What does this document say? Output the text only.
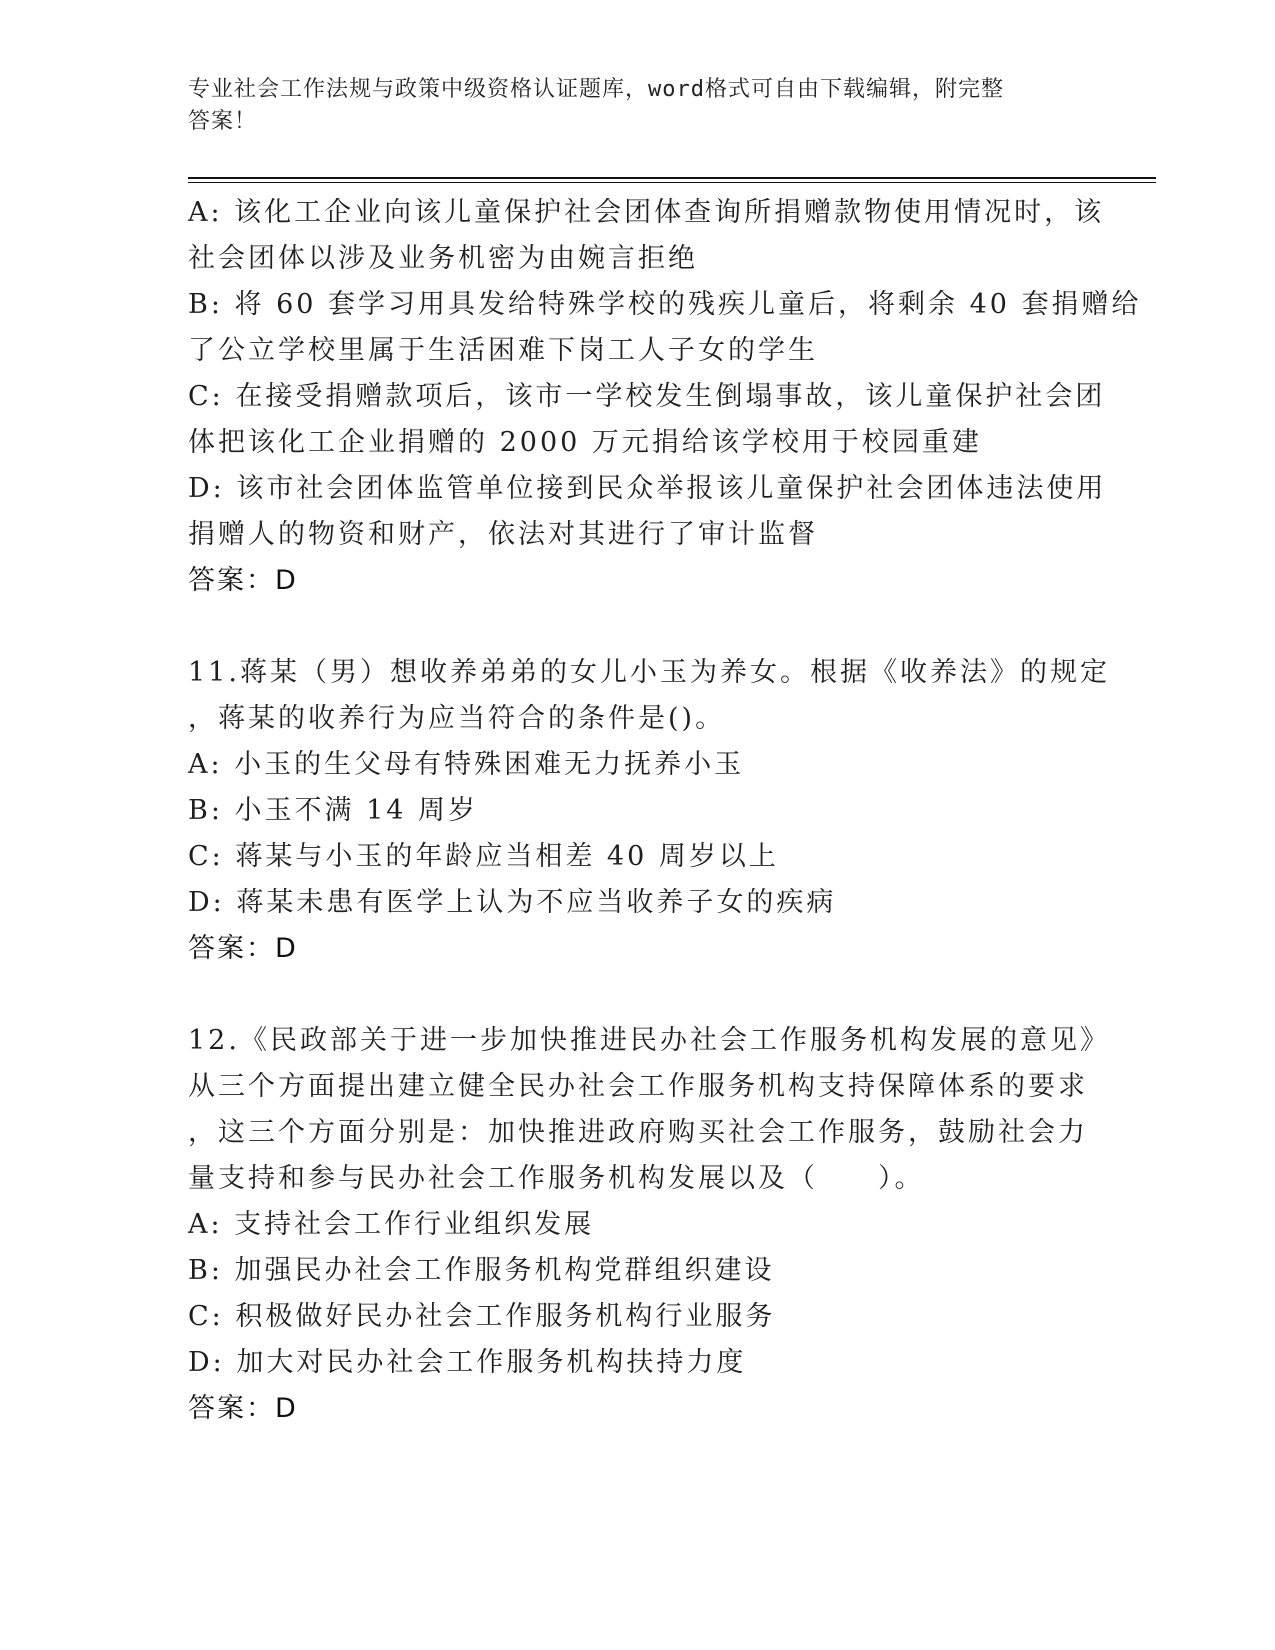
专业社会工作法规与政策中级资格认证题库，word格式可自由下载编辑，附完整
答案！
A: 该化工企业向该儿童保护社会团体查询所捐赠款物使用情况时，该
社会团体以涉及业务机密为由婉言拒绝
B: 将 60 套学习用具发给特殊学校的残疾儿童后，将剩余 40 套捐赠给
了公立学校里属于生活困难下岗工人子女的学生
C: 在接受捐赠款项后，该市一学校发生倒塌事故，该儿童保护社会团
体把该化工企业捐赠的 2000 万元捐给该学校用于校园重建
D: 该市社会团体监管单位接到民众举报该儿童保护社会团体违法使用
捐赠人的物资和财产，依法对其进行了审计监督
答案：D
11.蒋某（男）想收养弟弟的女儿小玉为养女。根据《收养法》的规定
，蒋某的收养行为应当符合的条件是()。
A: 小玉的生父母有特殊困难无力抚养小玉
B: 小玉不满 14 周岁
C: 蒋某与小玉的年龄应当相差 40 周岁以上
D: 蒋某未患有医学上认为不应当收养子女的疾病
答案：D
12.《民政部关于进一步加快推进民办社会工作服务机构发展的意见》
从三个方面提出建立健全民办社会工作服务机构支持保障体系的要求
，这三个方面分别是：加快推进政府购买社会工作服务，鼓励社会力
量支持和参与民办社会工作服务机构发展以及（　　）。
A: 支持社会工作行业组织发展
B: 加强民办社会工作服务机构党群组织建设
C: 积极做好民办社会工作服务机构行业服务
D: 加大对民办社会工作服务机构扶持力度
答案：D
